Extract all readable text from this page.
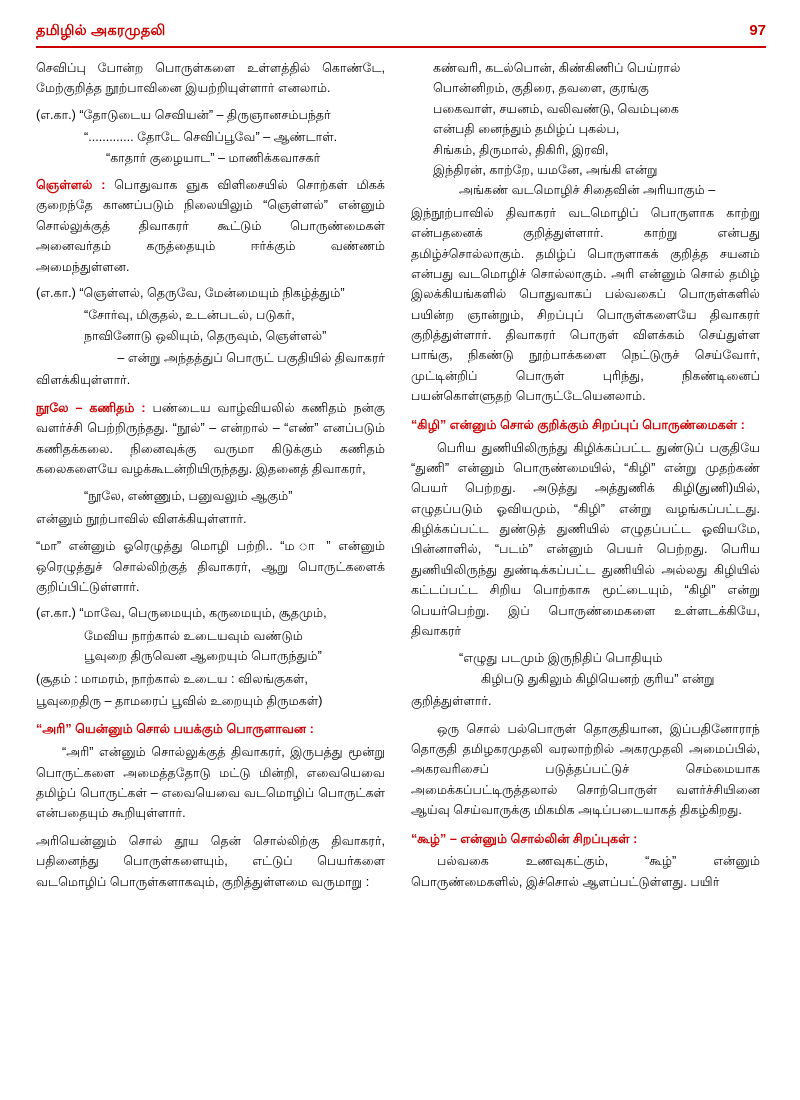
தமிழில் அகரமுதலி	97

செவிப்பு போன்ற பொருள்களை உள்ளத்தில் கொண்டே, மேற்குறித்த நூற்பாவினை இயற்றியுள்ளார் எனலாம்.

(எ.கா.) “தோடுடைய செவியன்” – திருஞானசம்பந்தர்

“............. தோடே செவிப்பூவே” – ஆண்டாள்.

“காதார் குழையாட” – மாணிக்கவாசகர்

ஞெள்ளல் : பொதுவாக ஞுக விளிசையில் சொற்கள் மிகக் குறைந்தே காணப்படும் நிலையிலும் “ஞெள்ளல்” என்னும் சொல்லுக்குத் திவாகரர் கூட்டும் பொருண்மைகள் அனைவர்தம் கருத்தையும் ஈர்க்கும் வண்ணம் அமைந்துள்ளன.

(எ.கா.) “ஞெள்ளல், தெருவே, மேன்மையும் நிகழ்த்தும்”

“சோர்வு, மிகுதல், உடன்படல், படுகர்,

நாவினோடு ஒலியும், தெருவும், ஞெள்ளல்”

– என்று அந்தத்துப் பொருட் பகுதியில் திவாகரர்

விளக்கியுள்ளார்.

நூலே – கணிதம் : பண்டைய வாழ்வியலில் கணிதம் நன்கு வளர்ச்சி பெற்றிருந்தது. “நூல்” – என்றால் – “எண்” எனப்படும் கணிதக்கலை. நினைவுக்கு வருமா கிடுக்கும் கணிதம் கலைகளையே வழக்கூடன்றியிருந்தது. இதனைத் திவாகரர்,

“நூலே, எண்ணும், பனுவலும் ஆகும்”

என்னும் நூற்பாவில் விளக்கியுள்ளார்.

“மா” என்னும் ஓரெழுத்து மொழி பற்றி.. “ம ா ” என்னும் ஒரெழுத்துச் சொல்லிற்குத் திவாகரர், ஆறு பொருட்களைக் குறிப்பிட்டுள்ளார்.

(எ.கா.) “மாவே, பெருமையும், கருமையும், சூதமும்,

மேவிய நாற்கால் உடையவும் வண்டும்

பூவுறை திருவென ஆறையும் பொருந்தும்”

(சூதம் : மாமரம், நாற்கால் உடைய : விலங்குகள்,

பூவுறைதிரு – தாமரைப் பூவில் உறையும் திருமகள்)

“அரி” யென்னும் சொல் பயக்கும் பொருளாவன :

“அரி” என்னும் சொல்லுக்குத் திவாகரர், இருபத்து மூன்று பொருட்களை அமைத்ததோடு மட்டு மின்றி, எவையெவை தமிழ்ப் பொருட்கள் – எவையெவை வடமொழிப் பொருட்கள் என்பதையும் கூறியுள்ளார்.

அரியென்னும் சொல் தூய தென் சொல்லிற்கு திவாகரர், பதினைந்து பொருள்களையும், எட்டுப் பெயர்களை வடமொழிப் பொருள்களாகவும், குறித்துள்ளமை வருமாறு :

கண்வரி, கடல்பொன், கிண்கிணிப் பெய்ரால்

பொன்னிறம், குதிரை, தவளை, குரங்கு

பகைவாள், சயனம், வலிவண்டு, வெம்புகை

என்பதி னைந்தும் தமிழ்ப் புகல்ப,

சிங்கம், திருமால், திகிரி, இரவி,

இந்திரன், காற்றே, யமனே, அங்கி என்று

அங்கண் வடமொழிச் சிதைவின் அரியாகும் –

இந்நூற்பாவில் திவாகரர் வடமொழிப் பொருளாக காற்று என்பதனைக் குறித்துள்ளார். காற்று என்பது தமிழ்ச்சொல்லாகும். தமிழ்ப் பொருளாகக் குறித்த சயனம் என்பது வடமொழிச் சொல்லாகும். அரி என்னும் சொல் தமிழ் இலக்கியங்களில் பொதுவாகப் பல்வகைப் பொருள்களில் பயின்ற ஞான்றும், சிறப்புப் பொருள்களையே திவாகரர் குறித்துள்ளார். திவாகரர் பொருள் விளக்கம் செய்துள்ள பாங்கு, நிகண்டு நூற்பாக்களை நெட்டுருச் செய்வோர், முட்டின்றிப் பொருள் புரிந்து, நிகண்டினைப் பயன்கொள்ளுதற் பொருட்டேயெனலாம்.

“கிழி” என்னும் சொல் குறிக்கும் சிறப்புப் பொருண்மைகள் :

பெரிய துணியிலிருந்து கிழிக்கப்பட்ட துண்டுப் பகுதியே “துணி” என்னும் பொருண்மையில், “கிழி” என்று முதற்கண் பெயர் பெற்றது. அடுத்து அத்துணிக் கிழி(துணி)யில், எழுதப்படும் ஓவியமும், “கிழி” என்று வழங்கப்பட்டது. கிழிக்கப்பட்ட துண்டுத் துணியில் எழுதப்பட்ட ஓவியமே, பின்னாளில், “படம்” என்னும் பெயர் பெற்றது. பெரிய துணியிலிருந்து துண்டிக்கப்பட்ட துணியில் அல்லது கிழியில் கட்டப்பட்ட சிறிய பொற்காசு மூட்டையும், “கிழி” என்று பெயர்பெற்று. இப் பொருண்மைகளை உள்ளடக்கியே, திவாகரர்

“எழுது படமும் இருநிதிப் பொதியும்

கிழிபடு துகிலும் கிழியெனற் குரிய” என்று

குறித்துள்ளார்.

ஒரு சொல் பல்பொருள் தொகுதியான, இப்பதினோராந் தொகுதி தமிழகரமுதலி வரலாற்றில் அகரமுதலி அமைப்பில், அகரவரிசைப் படுத்தப்பட்டுச் செம்மையாக அமைக்கப்பட்டிருத்தலால் சொற்பொருள் வளர்ச்சியினை ஆய்வு செய்வாருக்கு மிகமிக அடிப்படையாகத் திகழ்கிறது.

“கூழ்” – என்னும் சொல்லின் சிறப்புகள் :

பல்வகை உணவுகட்கும், “கூழ்” என்னும் பொருண்மைகளில், இச்சொல் ஆளப்பட்டுள்ளது. பயிர்
